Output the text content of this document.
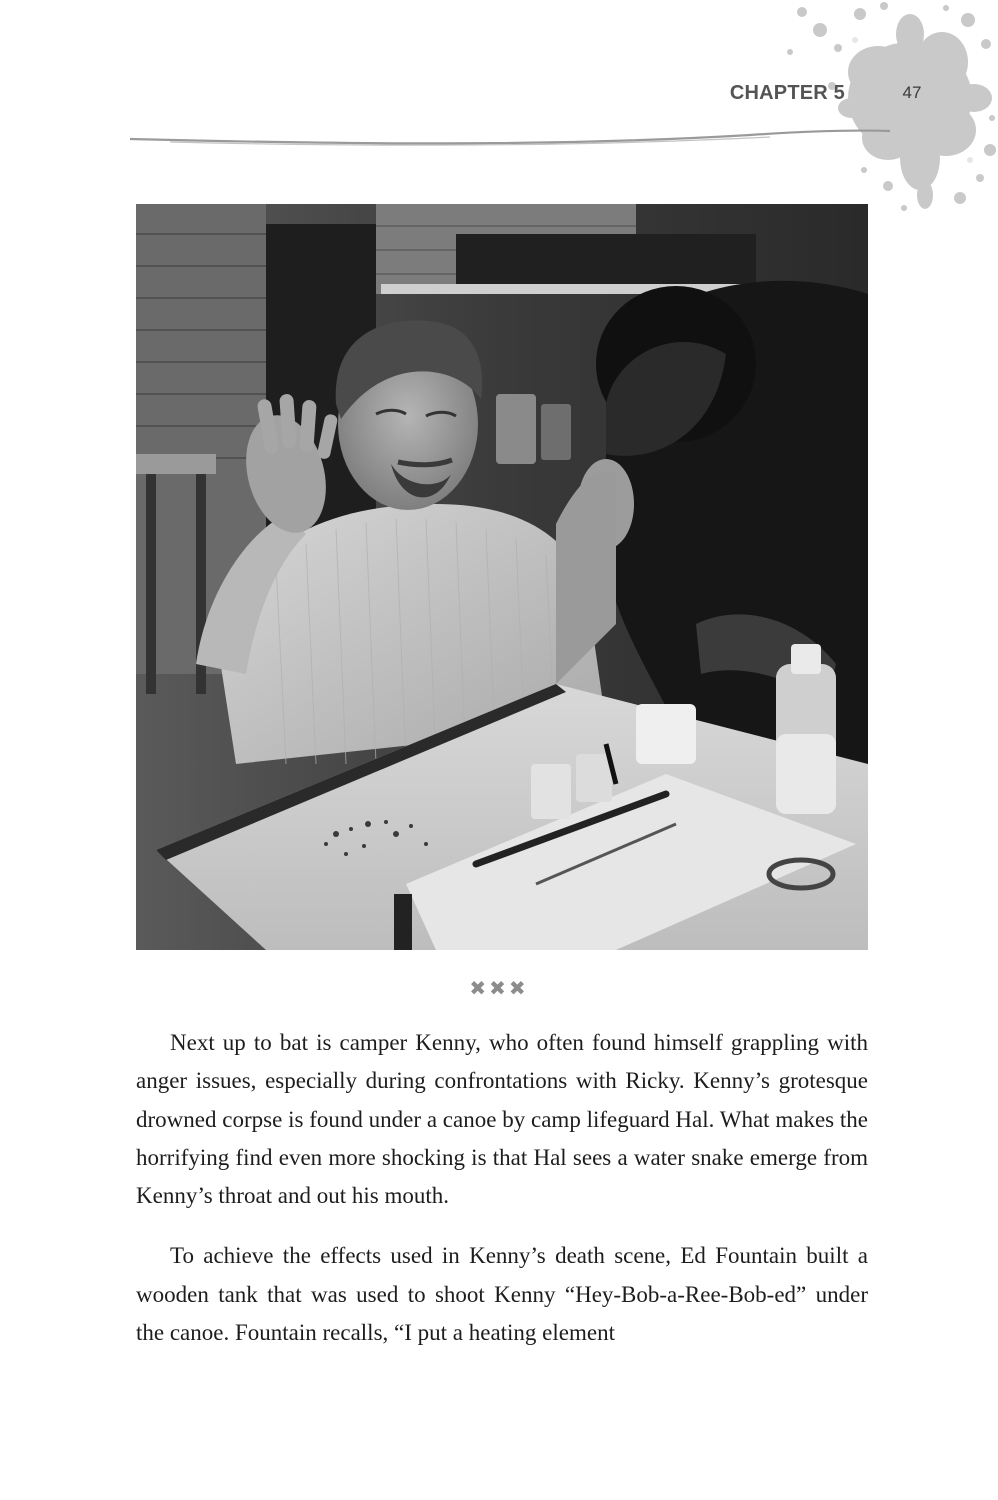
CHAPTER 5	47
✖✖✖

Next up to bat is camper Kenny, who often found himself grappling with anger issues, especially during confrontations with Ricky. Kenny’s grotesque drowned corpse is found under a canoe by camp lifeguard Hal. What makes the horrifying find even more shocking is that Hal sees a water snake emerge from Kenny’s throat and out his mouth.

To achieve the effects used in Kenny’s death scene, Ed Fountain built a wooden tank that was used to shoot Kenny “Hey-Bob-a-Ree-Bob-ed” under the canoe. Fountain recalls, “I put a heating element
